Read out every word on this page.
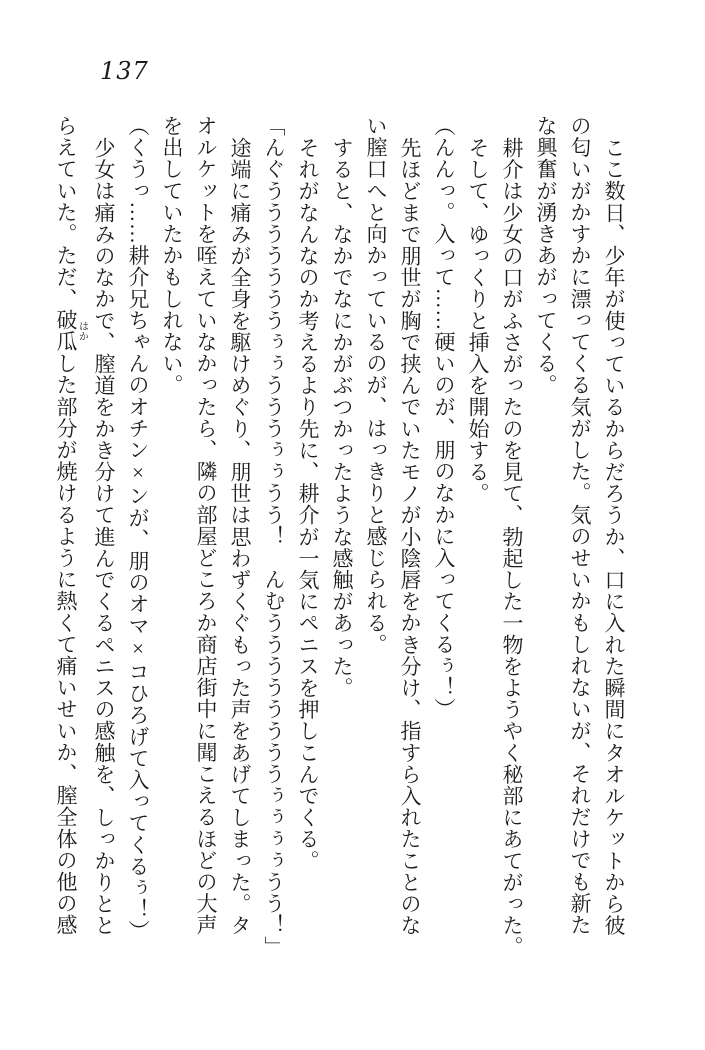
137

ここ数日、少年が使っているからだろうか、口に入れた瞬間にタオルケットから彼

の匂いがかすかに漂ってくる気がした。気のせいかもしれないが、それだけでも新た

な興奮が湧きあがってくる。

耕介は少女の口がふさがったのを見て、勃起した一物をようやく秘部にあてがった。

そして、ゆっくりと挿入を開始する。

（んんっ。入って……硬いのが、朋のなかに入ってくるぅ！）

先ほどまで朋世が胸で挟んでいたモノが小陰唇をかき分け、指すら入れたことのな

い膣口へと向かっているのが、はっきりと感じられる。

すると、なかでなにかがぶつかったような感触があった。

それがなんなのか考えるより先に、耕介が一気にペニスを押しこんでくる。

「んぐうううううううぅぅうううぅぅうう！　んむううううううううぅぅぅぅうう！」

途端に痛みが全身を駆けめぐり、朋世は思わずくぐもった声をあげてしまった。タ

オルケットを咥えていなかったら、隣の部屋どころか商店街中に聞こえるほどの大声

を出していたかもしれない。

（くうっ……耕介兄ちゃんのオチン×ンが、朋のオマ×コひろげて入ってくるぅ！）

少女は痛みのなかで、膣道をかき分けて進んでくるペニスの感触を、しっかりとと

らえていた。ただ、破瓜はかした部分が焼けるように熱くて痛いせいか、膣全体の他の感
